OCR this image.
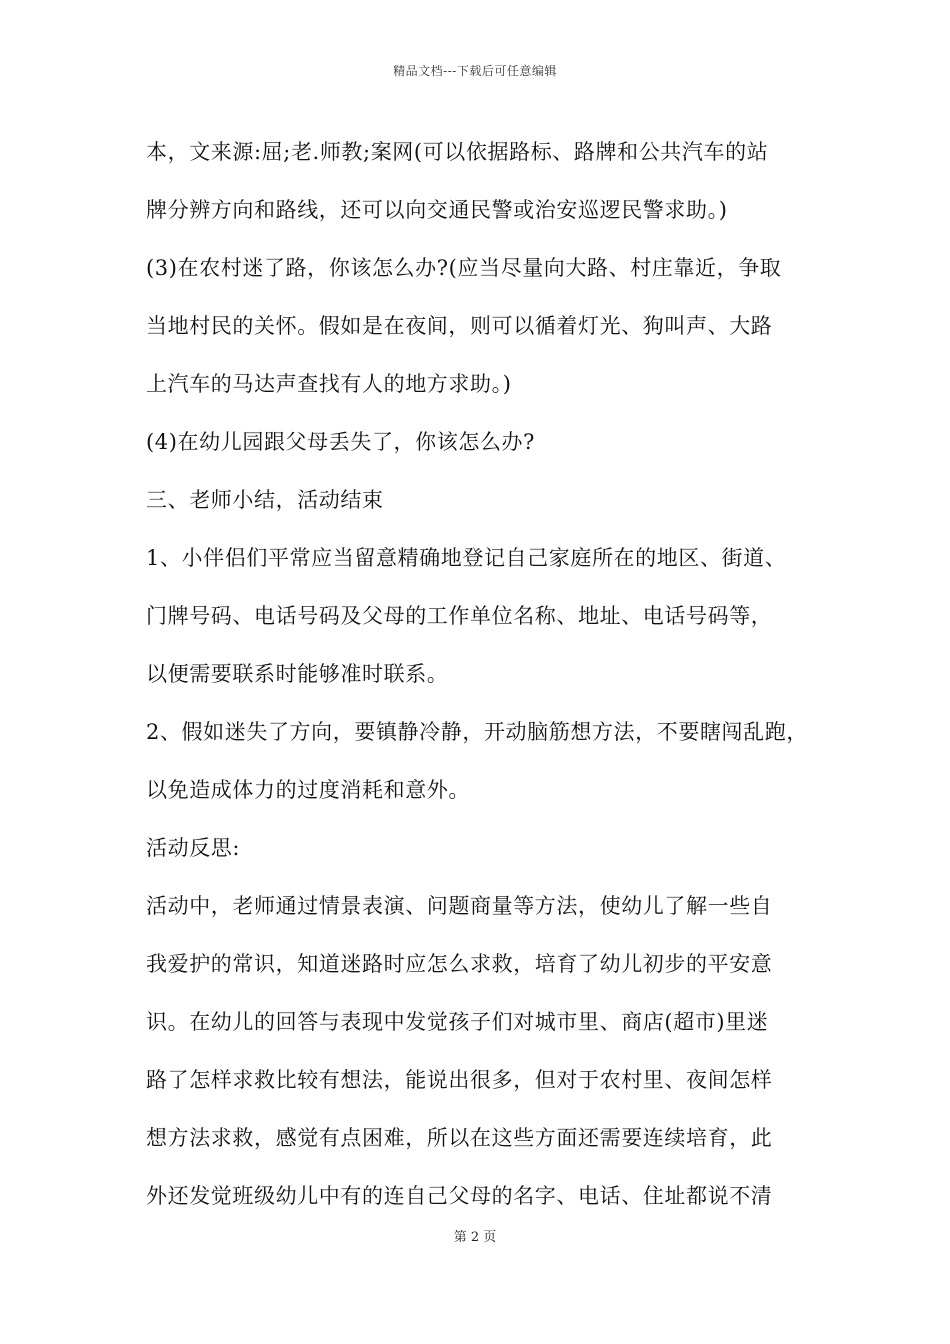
精品文档---下载后可任意编辑
本，文来源:屈;老.师教;案网(可以依据路标、路牌和公共汽车的站
牌分辨方向和路线，还可以向交通民警或治安巡逻民警求助。)
(3)在农村迷了路，你该怎么办?(应当尽量向大路、村庄靠近，争取
当地村民的关怀。假如是在夜间，则可以循着灯光、狗叫声、大路
上汽车的马达声查找有人的地方求助。)
(4)在幼儿园跟父母丢失了，你该怎么办?
三、老师小结，活动结束
1、小伴侣们平常应当留意精确地登记自己家庭所在的地区、街道、
门牌号码、电话号码及父母的工作单位名称、地址、电话号码等，
以便需要联系时能够准时联系。
2、假如迷失了方向，要镇静冷静，开动脑筋想方法，不要瞎闯乱跑，
以免造成体力的过度消耗和意外。
活动反思:
活动中，老师通过情景表演、问题商量等方法，使幼儿了解一些自
我爱护的常识，知道迷路时应怎么求救，培育了幼儿初步的平安意
识。在幼儿的回答与表现中发觉孩子们对城市里、商店(超市)里迷
路了怎样求救比较有想法，能说出很多，但对于农村里、夜间怎样
想方法求救，感觉有点困难，所以在这些方面还需要连续培育，此
外还发觉班级幼儿中有的连自己父母的名字、电话、住址都说不清
第 2 页
